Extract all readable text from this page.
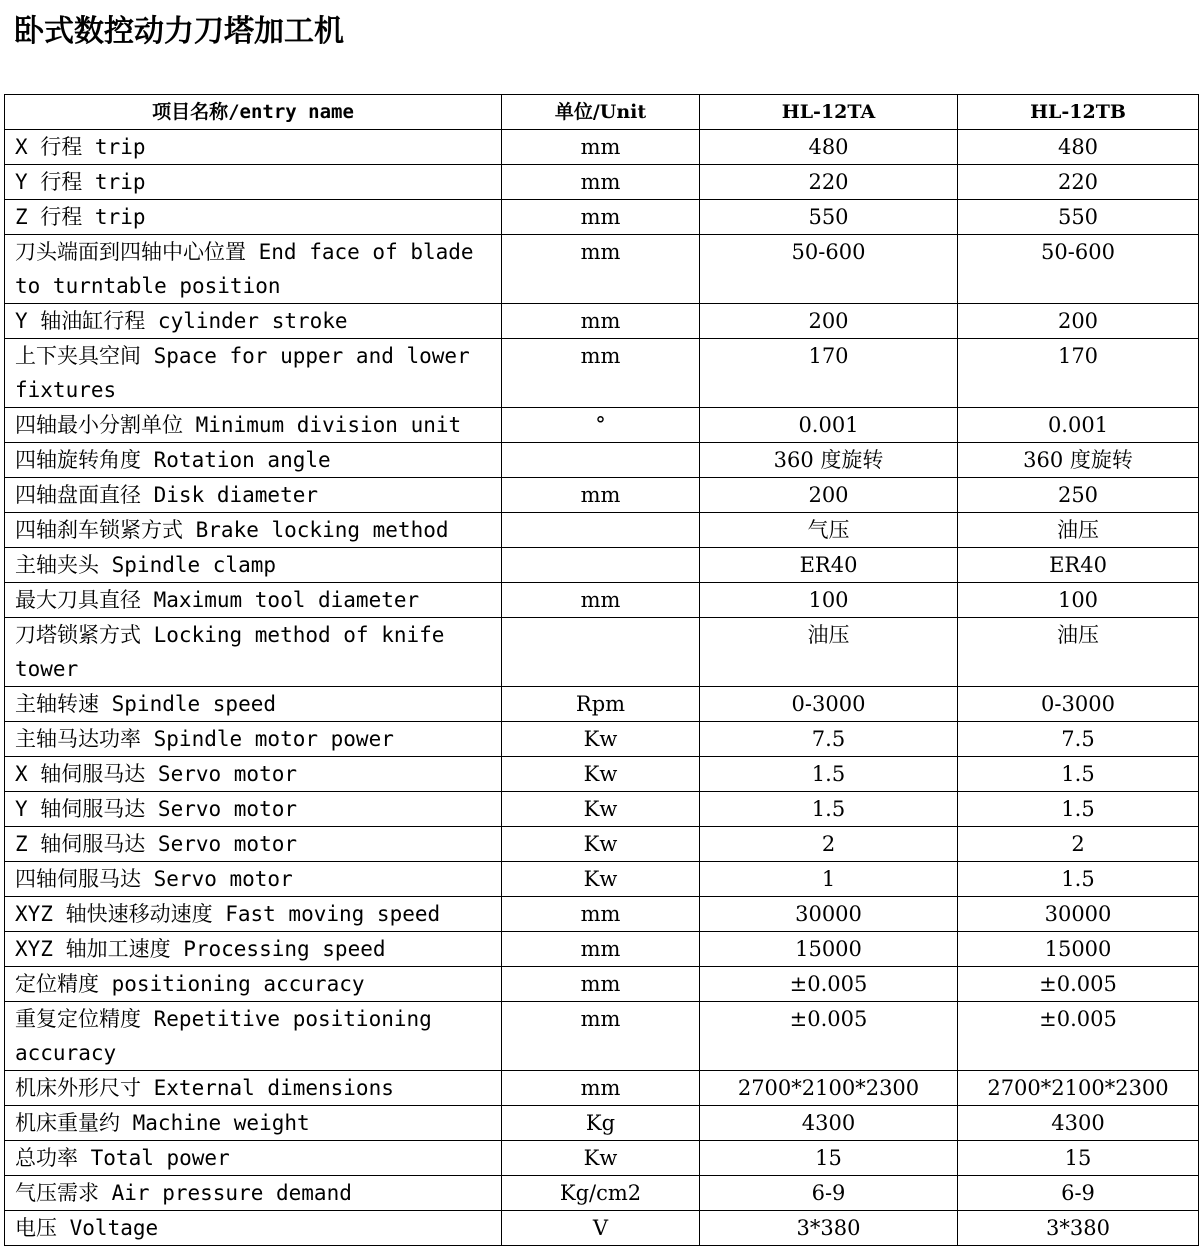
卧式数控动力刀塔加工机
项目名称/entry name	单位/Unit	HL-12TA	HL-12TB
X 行程 trip	mm	480	480
Y 行程 trip	mm	220	220
Z 行程 trip	mm	550	550
刀头端面到四轴中心位置 End face of blade to turntable position	mm	50-600	50-600
Y 轴油缸行程 cylinder stroke	mm	200	200
上下夹具空间 Space for upper and lower fixtures	mm	170	170
四轴最小分割单位 Minimum division unit	°	0.001	0.001
四轴旋转角度 Rotation angle		360 度旋转	360 度旋转
四轴盘面直径 Disk diameter	mm	200	250
四轴刹车锁紧方式 Brake locking method		气压	油压
主轴夹头 Spindle clamp		ER40	ER40
最大刀具直径 Maximum tool diameter	mm	100	100
刀塔锁紧方式 Locking method of knife tower		油压	油压
主轴转速 Spindle speed	Rpm	0-3000	0-3000
主轴马达功率 Spindle motor power	Kw	7.5	7.5
X 轴伺服马达 Servo motor	Kw	1.5	1.5
Y 轴伺服马达 Servo motor	Kw	1.5	1.5
Z 轴伺服马达 Servo motor	Kw	2	2
四轴伺服马达 Servo motor	Kw	1	1.5
XYZ 轴快速移动速度 Fast moving speed	mm	30000	30000
XYZ 轴加工速度 Processing speed	mm	15000	15000
定位精度 positioning accuracy	mm	±0.005	±0.005
重复定位精度 Repetitive positioning accuracy	mm	±0.005	±0.005
机床外形尺寸 External dimensions	mm	2700*2100*2300	2700*2100*2300
机床重量约 Machine weight	Kg	4300	4300
总功率 Total power	Kw	15	15
气压需求 Air pressure demand	Kg/cm2	6-9	6-9
电压 Voltage	V	3*380	3*380
